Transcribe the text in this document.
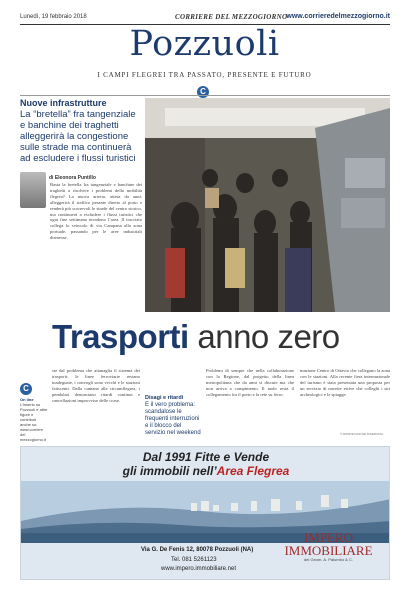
Lunedì, 19 febbraio 2018	CORRIERE DEL MEZZOGIORNO www.corrieredelmezzogiorno.it
Pozzuoli
I CAMPI FLEGREI TRA PASSATO, PRESENTE E FUTURO
C
Nuove infrastrutture
La “bretella” fra tangenziale e banchine dei traghetti alleggerirà la congestione sulle strade ma continuerà ad escludere i flussi turistici
di Eleonora Puntillo
Basta la bretella fra tangenziale e banchine dei traghetti a risolvere i problemi della mobilità flegrea? La nuova arteria, attesa da anni, alleggerirà il traffico pesante diretto al porto e renderà più scorrevoli le strade del centro storico, ma continuerà a escludere i flussi turistici che ogni fine settimana invadono l’area. Il tracciato collega lo svincolo di via Campana alla zona portuale, passando per le aree industriali dismesse.
Trasporti anno zero
C
On line
L’inserto su Pozzuoli e altre figure e contributi anche su: www.corriere del mezzogiorno.it
ste dal problema che attanaglia il sistema dei trasporti: le linee ferroviarie restano inadeguate, i convogli sono vecchi e le stazioni fatiscenti. Dalla cumana alla circumflegrea, i pendolari denunciano ritardi continui e cancellazioni improvvise delle corse.	Disagi e ritardi
E il vero problema: scandalose le frequenti interruzioni e il blocco del servizio nel weekend
Problemi di sempre che nella collaborazione con la Regione, dal progetto della linea metropolitana che da anni si discute ma che non arriva a compimento. Il nodo resta il collegamento fra il porto e la rete su ferro.
mazione Centro di Ottavio che collegano la zona con le stazioni. Alla recente fiera internazionale del turismo è stata presentata una proposta per un servizio di navette estive che colleghi i siti archeologici e le spiagge.
© RIPRODUZIONE RISERVATA
Dal 1991 Fitte e Vende
gli immobili nell’Area Flegrea
Via G. De Fenis 12, 80078 Pozzuoli (NA)
Tel. 081 5261123
www.impero.immobiliare.net
IMPERO IMMOBILIARE
dei Geom. A. Palumbo & C.
